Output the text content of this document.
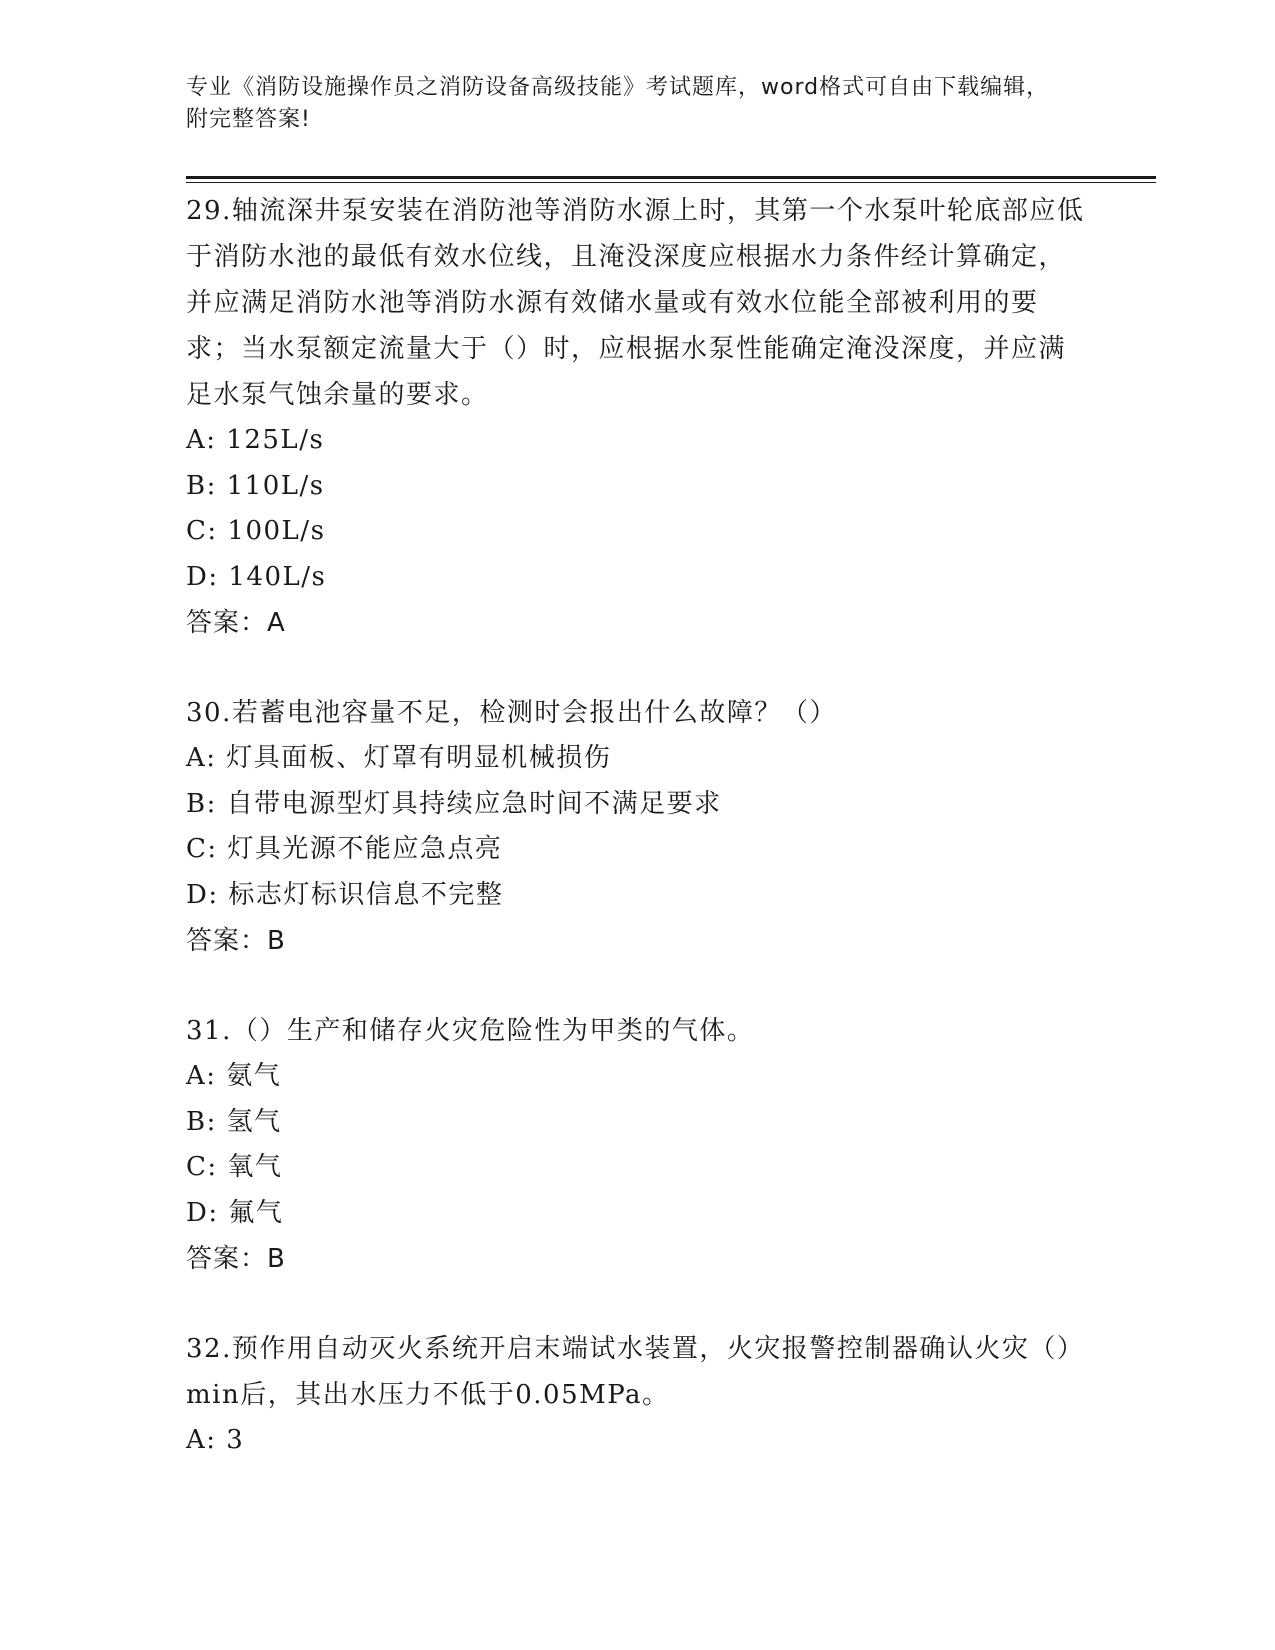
专业《消防设施操作员之消防设备高级技能》考试题库，word格式可自由下载编辑，附完整答案!

29.轴流深井泵安装在消防池等消防水源上时，其第一个水泵叶轮底部应低于消防水池的最低有效水位线，且淹没深度应根据水力条件经计算确定，并应满足消防水池等消防水源有效储水量或有效水位能全部被利用的要求；当水泵额定流量大于（）时，应根据水泵性能确定淹没深度，并应满足水泵气蚀余量的要求。

A: 125L/s

B: 110L/s

C: 100L/s

D: 140L/s

答案：A

30.若蓄电池容量不足，检测时会报出什么故障？（）

A: 灯具面板、灯罩有明显机械损伤

B: 自带电源型灯具持续应急时间不满足要求

C: 灯具光源不能应急点亮

D: 标志灯标识信息不完整

答案：B

31.（）生产和储存火灾危险性为甲类的气体。

A: 氨气

B: 氢气

C: 氧气

D: 氟气

答案：B

32.预作用自动灭火系统开启末端试水装置，火灾报警控制器确认火灾（）min后，其出水压力不低于0.05MPa。

A: 3
